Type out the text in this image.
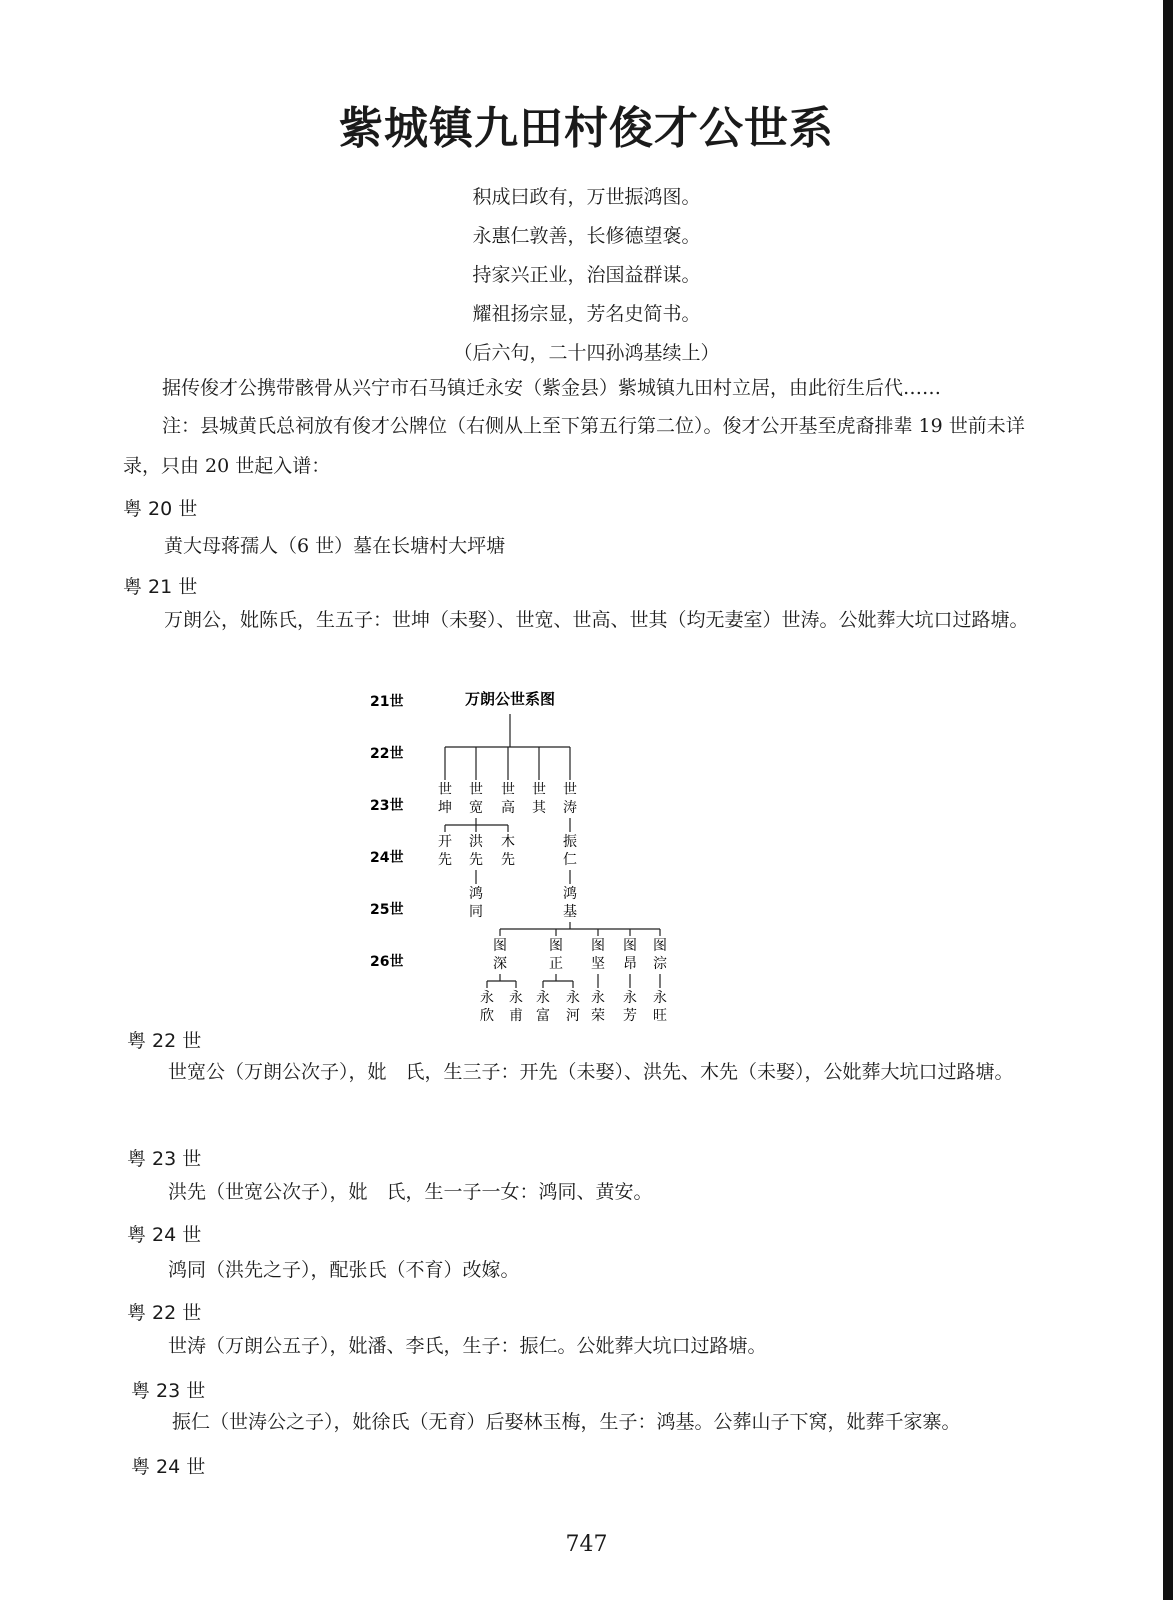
紫城镇九田村俊才公世系
积成曰政有，万世振鸿图。
永惠仁敦善，长修德望褒。
持家兴正业，治国益群谋。
耀祖扬宗显，芳名史简书。
（后六句，二十四孙鸿基续上）
据传俊才公携带骸骨从兴宁市石马镇迁永安（紫金县）紫城镇九田村立居，由此衍生后代……
注：县城黄氏总祠放有俊才公牌位（右侧从上至下第五行第二位）。俊才公开基至虎裔排辈 19 世前未详录，只由 20 世起入谱：
粤 20 世
黄大母蒋孺人（6 世）墓在长塘村大坪塘
粤 21 世
万朗公，妣陈氏，生五子：世坤（未娶）、世宽、世高、世其（均无妻室）世涛。公妣葬大坑口过路塘。
万朗公世系图
21世
22世
23世
24世
25世
26世
世
坤
世
宽
世
高
世
其
世
涛
开
先
洪
先
木
先
振
仁
鸿
同
鸿
基
图
深
图
正
图
坚
图
昂
图
淙
永
欣
永
甫
永
富
永
河
永
荣
永
芳
永
旺
粤 22 世
世宽公（万朗公次子），妣　氏，生三子：开先（未娶）、洪先、木先（未娶），公妣葬大坑口过路塘。
粤 23 世
洪先（世宽公次子），妣　氏，生一子一女：鸿同、黄安。
粤 24 世
鸿同（洪先之子），配张氏（不育）改嫁。
粤 22 世
世涛（万朗公五子），妣潘、李氏，生子：振仁。公妣葬大坑口过路塘。
粤 23 世
振仁（世涛公之子），妣徐氏（无育）后娶林玉梅，生子：鸿基。公葬山子下窝，妣葬千家寨。
粤 24 世
747
